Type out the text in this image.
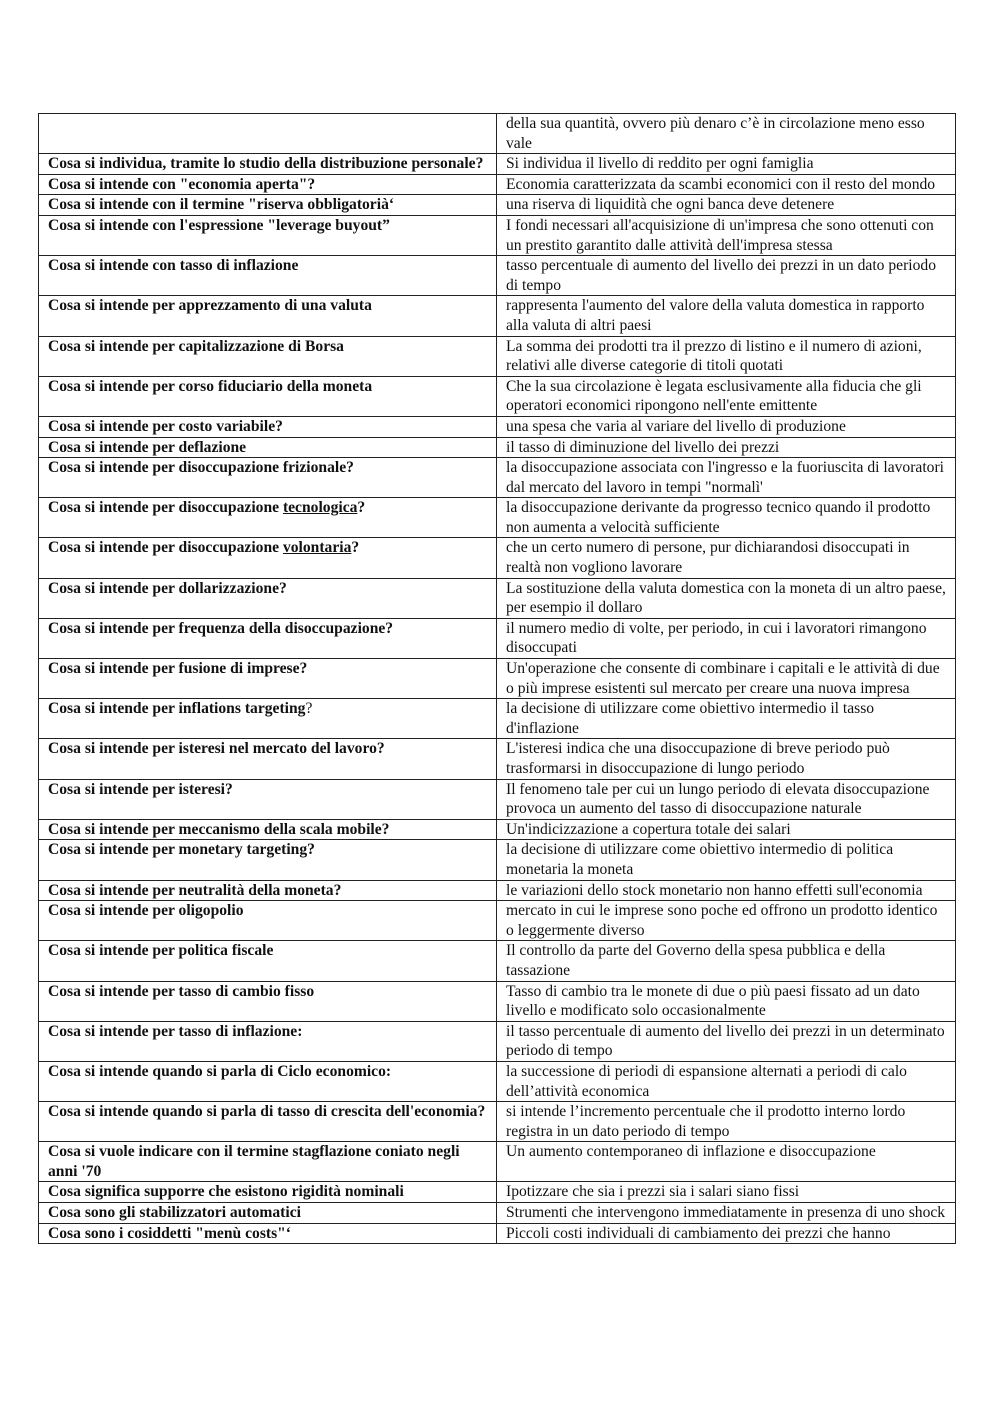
	della sua quantità, ovvero più denaro c’è in circolazione meno esso vale
Cosa si individua, tramite lo studio della distribuzione personale?	Si individua il livello di reddito per ogni famiglia
Cosa si intende con "economia aperta"?	Economia caratterizzata da scambi economici con il resto del mondo
Cosa si intende con il termine "riserva obbligatorià‘	una riserva di liquidità che ogni banca deve detenere
Cosa si intende con l'espressione "leverage buyout”	I fondi necessari all'acquisizione di un'impresa che sono ottenuti con un prestito garantito dalle attività dell'impresa stessa
Cosa si intende con tasso di inflazione	tasso percentuale di aumento del livello dei prezzi in un dato periodo di tempo
Cosa si intende per apprezzamento di una valuta	rappresenta l'aumento del valore della valuta domestica in rapporto alla valuta di altri paesi
Cosa si intende per capitalizzazione di Borsa	La somma dei prodotti tra il prezzo di listino e il numero di azioni, relativi alle diverse categorie di titoli quotati
Cosa si intende per corso fiduciario della moneta	Che la sua circolazione è legata esclusivamente alla fiducia che gli operatori economici ripongono nell'ente emittente
Cosa si intende per costo variabile?	una spesa che varia al variare del livello di produzione
Cosa si intende per deflazione	il tasso di diminuzione del livello dei prezzi
Cosa si intende per disoccupazione frizionale?	la disoccupazione associata con l'ingresso e la fuoriuscita di lavoratori dal mercato del lavoro in tempi "normalì'
Cosa si intende per disoccupazione tecnologica?	la disoccupazione derivante da progresso tecnico quando il prodotto non aumenta a velocità sufficiente
Cosa si intende per disoccupazione volontaria?	che un certo numero di persone, pur dichiarandosi disoccupati in realtà non vogliono lavorare
Cosa si intende per dollarizzazione?	La sostituzione della valuta domestica con la moneta di un altro paese, per esempio il dollaro
Cosa si intende per frequenza della disoccupazione?	il numero medio di volte, per periodo, in cui i lavoratori rimangono disoccupati
Cosa si intende per fusione di imprese?	Un'operazione che consente di combinare i capitali e le attività di due o più imprese esistenti sul mercato per creare una nuova impresa
Cosa si intende per inflations targeting?	la decisione di utilizzare come obiettivo intermedio il tasso d'inflazione
Cosa si intende per isteresi nel mercato del lavoro?	L'isteresi indica che una disoccupazione di breve periodo può trasformarsi in disoccupazione di lungo periodo
Cosa si intende per isteresi?	Il fenomeno tale per cui un lungo periodo di elevata disoccupazione provoca un aumento del tasso di disoccupazione naturale
Cosa si intende per meccanismo della scala mobile?	Un'indicizzazione a copertura totale dei salari
Cosa si intende per monetary targeting?	la decisione di utilizzare come obiettivo intermedio di politica monetaria la moneta
Cosa si intende per neutralità della moneta?	le variazioni dello stock monetario non hanno effetti sull'economia
Cosa si intende per oligopolio	mercato in cui le imprese sono poche ed offrono un prodotto identico o leggermente diverso
Cosa si intende per politica fiscale	Il controllo da parte del Governo della spesa pubblica e della tassazione
Cosa si intende per tasso di cambio fisso	Tasso di cambio tra le monete di due o più paesi fissato ad un dato livello e modificato solo occasionalmente
Cosa si intende per tasso di inflazione:	il tasso percentuale di aumento del livello dei prezzi in un determinato periodo di tempo
Cosa si intende quando si parla di Ciclo economico:	la successione di periodi di espansione alternati a periodi di calo dell’attività economica
Cosa si intende quando si parla di tasso di crescita dell'economia?	si intende l’incremento percentuale che il prodotto interno lordo registra in un dato periodo di tempo
Cosa si vuole indicare con il termine stagflazione coniato negli anni '70	Un aumento contemporaneo di inflazione e disoccupazione
Cosa significa supporre che esistono rigidità nominali	Ipotizzare che sia i prezzi sia i salari siano fissi
Cosa sono gli stabilizzatori automatici	Strumenti che intervengono immediatamente in presenza di uno shock
Cosa sono i cosiddetti "menù costs"‘	Piccoli costi individuali di cambiamento dei prezzi che hanno
